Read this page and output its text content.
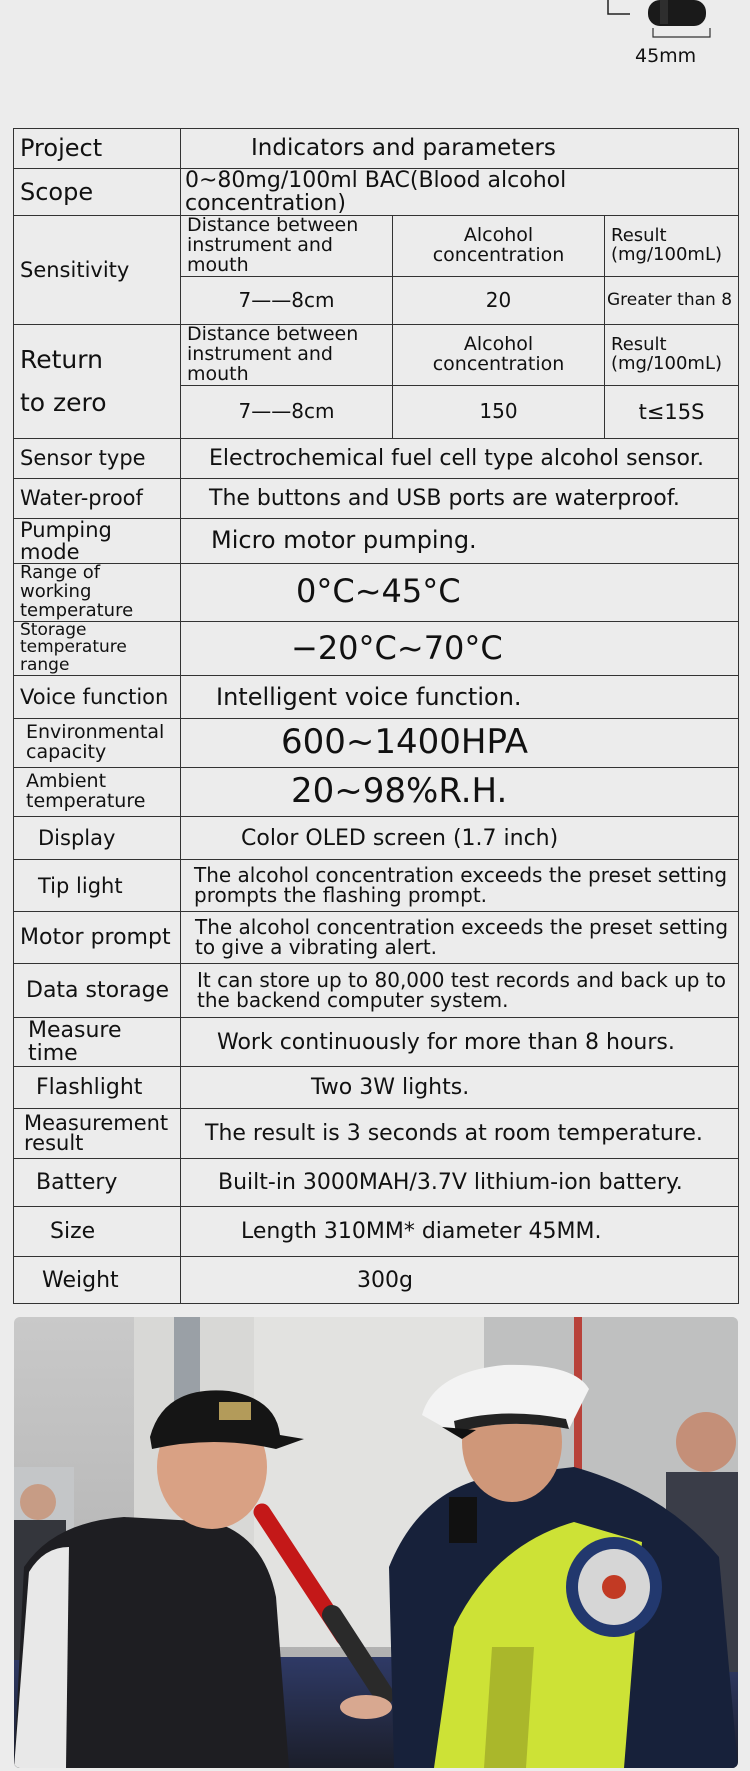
45mm
Project	Indicators and parameters		
Scope	0~80mg/100ml BAC(Blood alcohol concentration)		
Sensitivity	Distance between instrument and mouth	Alcohol concentration	Result (mg/100mL)
	7——8cm	20	Greater than 8
Return
to zero	Distance between instrument and mouth	Alcohol concentration	Result (mg/100mL)
	7——8cm	150	t≤15S
Sensor type	Electrochemical fuel cell type alcohol sensor.		
Water-proof	The buttons and USB ports are waterproof.		
Pumping mode	Micro motor pumping.		
Range of working temperature	0°C~45°C		
Storage temperature range	−20°C~70°C		
Voice function	Intelligent voice function.		
Environmental capacity	600~1400HPA		
Ambient temperature	20~98%R.H.		
Display	Color OLED screen (1.7 inch)		
Tip light	The alcohol concentration exceeds the preset setting prompts the flashing prompt.		
Motor prompt	The alcohol concentration exceeds the preset setting to give a vibrating alert.		
Data storage	It can store up to 80,000 test records and back up to the backend computer system.		
Measure time	Work continuously for more than 8 hours.		
Flashlight	Two 3W lights.		
Measurement result	The result is 3 seconds at room temperature.		
Battery	Built-in 3000MAH/3.7V lithium-ion battery.		
Size	Length 310MM* diameter 45MM.		
Weight	300g		
